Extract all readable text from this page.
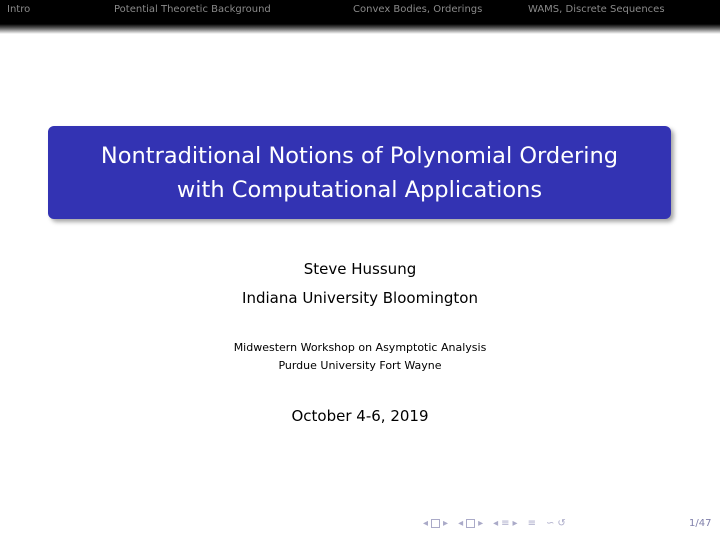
Intro	Potential Theoretic Background	Convex Bodies, Orderings	WAMS, Discrete Sequences
Nontraditional Notions of Polynomial Ordering
with Computational Applications
Steve Hussung
Indiana University Bloomington
Midwestern Workshop on Asymptotic Analysis
Purdue University Fort Wayne
October 4-6, 2019
◂ ▸ ◂ ▸ ◂ ≡ ▸ ≡ ∽ ↺	1/47
